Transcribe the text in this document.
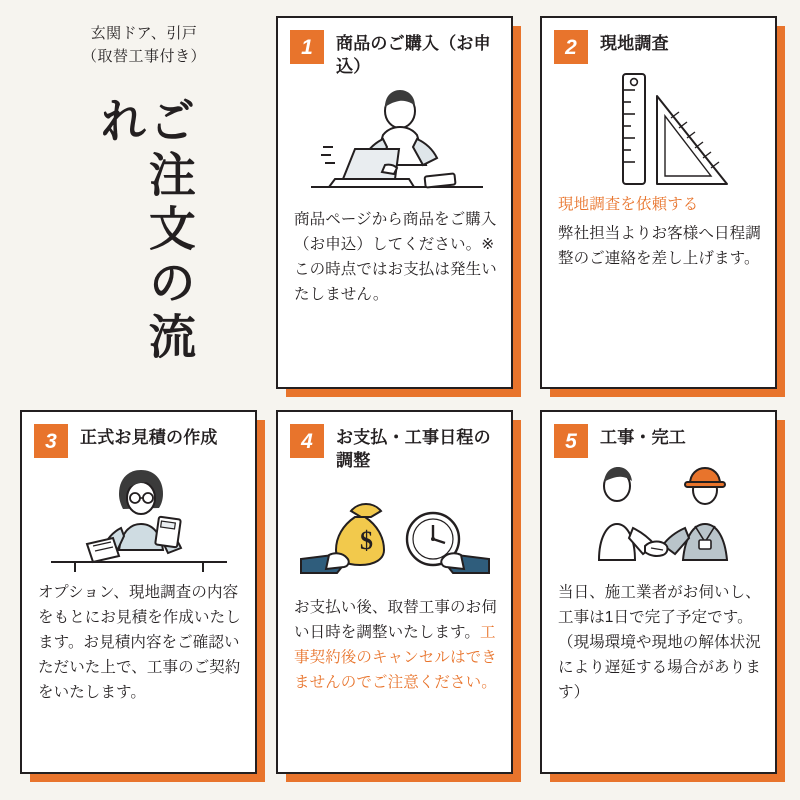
玄関ドア、引戸
（取替工事付き）
ご注文の流れ
1	商品のご購入（お申込）
商品ページから商品をご購入（お申込）してください。※この時点ではお支払は発生いたしません。
2	現地調査
現地調査を依頼する
弊社担当よりお客様へ日程調整のご連絡を差し上げます。
3	正式お見積の作成
オプション、現地調査の内容をもとにお見積を作成いたします。お見積内容をご確認いただいた上で、工事のご契約をいたします。
4	お支払・工事日程の調整
$
お支払い後、取替工事のお伺い日時を調整いたします。工事契約後のキャンセルはできませんのでご注意ください。
5	工事・完工
当日、施工業者がお伺いし、工事は1日で完了予定です。（現場環境や現地の解体状況により遅延する場合があります）
